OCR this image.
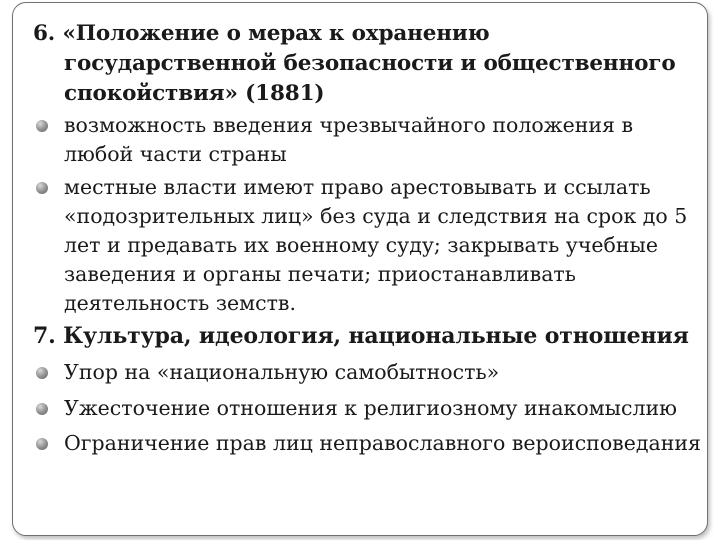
6. «Положение о мерах к охранению государственной безопасности и общественного спокойствия» (1881)

возможность введения чрезвычайного положения в любой части страны

местные власти имеют право арестовывать и ссылать «подозрительных лиц» без суда и следствия на срок до 5 лет и предавать их военному суду; закрывать учебные заведения и органы печати; приостанавливать деятельность земств.

7. Культура, идеология, национальные отношения

Упор на «национальную самобытность»

Ужесточение отношения к религиозному инакомыслию

Ограничение прав лиц неправославного вероисповедания
